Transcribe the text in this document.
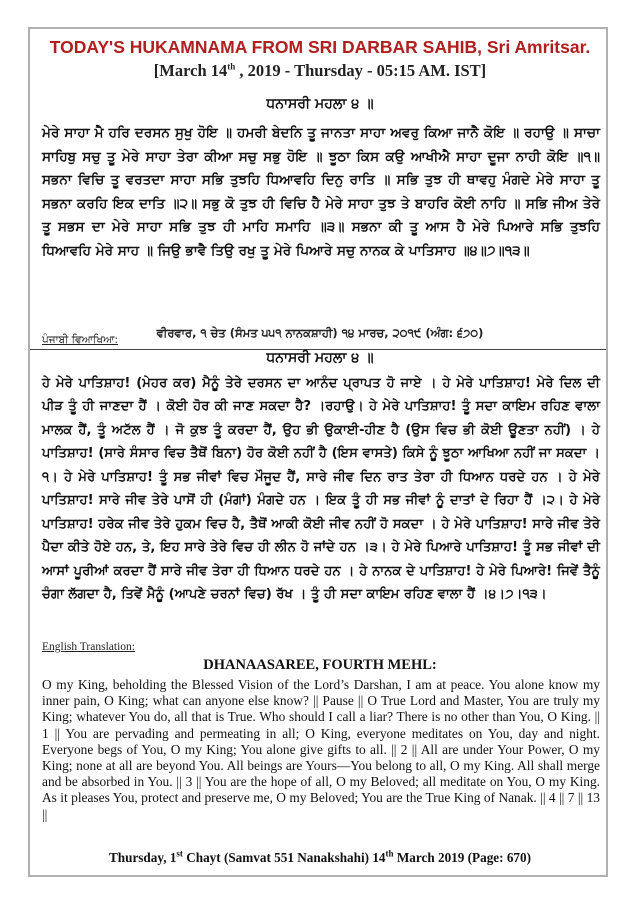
TODAY'S HUKAMNAMA FROM SRI DARBAR SAHIB, Sri Amritsar.
[March 14th , 2019 - Thursday - 05:15 AM. IST]
ਧਨਾਸਰੀ ਮਹਲਾ ੪ ॥
ਮੇਰੇ ਸਾਹਾ ਮੈ ਹਰਿ ਦਰਸਨ ਸੁਖੁ ਹੋਇ ॥ ਹਮਰੀ ਬੇਦਨਿ ਤੂ ਜਾਨਤਾ ਸਾਹਾ ਅਵਰੁ ਕਿਆ ਜਾਨੈ ਕੋਇ ॥ ਰਹਾਉ ॥ ਸਾਚਾ ਸਾਹਿਬੁ ਸਚੁ ਤੂ ਮੇਰੇ ਸਾਹਾ ਤੇਰਾ ਕੀਆ ਸਚੁ ਸਭੁ ਹੋਇ ॥ ਝੂਠਾ ਕਿਸ ਕਉ ਆਖੀਐ ਸਾਹਾ ਦੂਜਾ ਨਾਹੀ ਕੋਇ ॥੧॥ ਸਭਨਾ ਵਿਚਿ ਤੂ ਵਰਤਦਾ ਸਾਹਾ ਸਭਿ ਤੁਝਹਿ ਧਿਆਵਹਿ ਦਿਨੁ ਰਾਤਿ ॥ ਸਭਿ ਤੁਝ ਹੀ ਥਾਵਹੁ ਮੰਗਦੇ ਮੇਰੇ ਸਾਹਾ ਤੂ ਸਭਨਾ ਕਰਹਿ ਇਕ ਦਾਤਿ ॥੨॥ ਸਭੁ ਕੋ ਤੁਝ ਹੀ ਵਿਚਿ ਹੈ ਮੇਰੇ ਸਾਹਾ ਤੁਝ ਤੇ ਬਾਹਰਿ ਕੋਈ ਨਾਹਿ ॥ ਸਭਿ ਜੀਅ ਤੇਰੇ ਤੂ ਸਭਸ ਦਾ ਮੇਰੇ ਸਾਹਾ ਸਭਿ ਤੁਝ ਹੀ ਮਾਹਿ ਸਮਾਹਿ ॥੩॥ ਸਭਨਾ ਕੀ ਤੂ ਆਸ ਹੈ ਮੇਰੇ ਪਿਆਰੇ ਸਭਿ ਤੁਝਹਿ ਧਿਆਵਹਿ ਮੇਰੇ ਸਾਹ ॥ ਜਿਉ ਭਾਵੈ ਤਿਉ ਰਖੁ ਤੂ ਮੇਰੇ ਪਿਆਰੇ ਸਚੁ ਨਾਨਕ ਕੇ ਪਾਤਿਸਾਹ ॥੪॥੭॥੧੩॥
ਵੀਰਵਾਰ, ੧ ਚੇਤ (ਸੰਮਤ ੫੫੧ ਨਾਨਕਸ਼ਾਹੀ) ੧੪ ਮਾਰਚ, ੨੦੧੯ (ਅੰਗ: ੬੭੦)
ਪੰਜਾਬੀ ਵਿਆਖਿਆ:
ਧਨਾਸਰੀ ਮਹਲਾ ੪ ॥
ਹੇ ਮੇਰੇ ਪਾਤਿਸ਼ਾਹ! (ਮੇਹਰ ਕਰ) ਮੈਨੂੰ ਤੇਰੇ ਦਰਸਨ ਦਾ ਆਨੰਦ ਪ੍ਰਾਪਤ ਹੋ ਜਾਏ । ਹੇ ਮੇਰੇ ਪਾਤਿਸ਼ਾਹ! ਮੇਰੇ ਦਿਲ ਦੀ ਪੀੜ ਤੂੰ ਹੀ ਜਾਣਦਾ ਹੈਂ । ਕੋਈ ਹੋਰ ਕੀ ਜਾਣ ਸਕਦਾ ਹੈ? ।ਰਹਾਉ। ਹੇ ਮੇਰੇ ਪਾਤਿਸ਼ਾਹ! ਤੂੰ ਸਦਾ ਕਾਇਮ ਰਹਿਣ ਵਾਲਾ ਮਾਲਕ ਹੈਂ, ਤੂੰ ਅਟੱਲ ਹੈਂ । ਜੋ ਕੁਝ ਤੂੰ ਕਰਦਾ ਹੈਂ, ਉਹ ਭੀ ਉਕਾਈ-ਹੀਣ ਹੈ (ਉਸ ਵਿਚ ਭੀ ਕੋਈ ਊਣਤਾ ਨਹੀਂ) । ਹੇ ਪਾਤਿਸ਼ਾਹ! (ਸਾਰੇ ਸੰਸਾਰ ਵਿਚ ਤੈਥੋਂ ਬਿਨਾ) ਹੋਰ ਕੋਈ ਨਹੀਂ ਹੈ (ਇਸ ਵਾਸਤੇ) ਕਿਸੇ ਨੂੰ ਝੂਠਾ ਆਖਿਆ ਨਹੀਂ ਜਾ ਸਕਦਾ ।੧। ਹੇ ਮੇਰੇ ਪਾਤਿਸ਼ਾਹ! ਤੂੰ ਸਭ ਜੀਵਾਂ ਵਿਚ ਮੌਜੂਦ ਹੈਂ, ਸਾਰੇ ਜੀਵ ਦਿਨ ਰਾਤ ਤੇਰਾ ਹੀ ਧਿਆਨ ਧਰਦੇ ਹਨ । ਹੇ ਮੇਰੇ ਪਾਤਿਸ਼ਾਹ! ਸਾਰੇ ਜੀਵ ਤੇਰੇ ਪਾਸੋਂ ਹੀ (ਮੰਗਾਂ) ਮੰਗਦੇ ਹਨ । ਇਕ ਤੂੰ ਹੀ ਸਭ ਜੀਵਾਂ ਨੂੰ ਦਾਤਾਂ ਦੇ ਰਿਹਾ ਹੈਂ ।੨। ਹੇ ਮੇਰੇ ਪਾਤਿਸ਼ਾਹ! ਹਰੇਕ ਜੀਵ ਤੇਰੇ ਹੁਕਮ ਵਿਚ ਹੈ, ਤੈਥੋਂ ਆਕੀ ਕੋਈ ਜੀਵ ਨਹੀਂ ਹੋ ਸਕਦਾ । ਹੇ ਮੇਰੇ ਪਾਤਿਸ਼ਾਹ! ਸਾਰੇ ਜੀਵ ਤੇਰੇ ਪੈਦਾ ਕੀਤੇ ਹੋਏ ਹਨ, ਤੇ, ਇਹ ਸਾਰੇ ਤੇਰੇ ਵਿਚ ਹੀ ਲੀਨ ਹੋ ਜਾਂਦੇ ਹਨ ।੩। ਹੇ ਮੇਰੇ ਪਿਆਰੇ ਪਾਤਿਸ਼ਾਹ! ਤੂੰ ਸਭ ਜੀਵਾਂ ਦੀ ਆਸਾਂ ਪੂਰੀਆਂ ਕਰਦਾ ਹੈਂ ਸਾਰੇ ਜੀਵ ਤੇਰਾ ਹੀ ਧਿਆਨ ਧਰਦੇ ਹਨ । ਹੇ ਨਾਨਕ ਦੇ ਪਾਤਿਸ਼ਾਹ! ਹੇ ਮੇਰੇ ਪਿਆਰੇ! ਜਿਵੇਂ ਤੈਨੂੰ ਚੰਗਾ ਲੱਗਦਾ ਹੈ, ਤਿਵੇਂ ਮੈਨੂੰ (ਆਪਣੇ ਚਰਨਾਂ ਵਿਚ) ਰੱਖ । ਤੂੰ ਹੀ ਸਦਾ ਕਾਇਮ ਰਹਿਣ ਵਾਲਾ ਹੈਂ ।੪।੭।੧੩।
English Translation:
DHANAASAREE, FOURTH MEHL:
O my King, beholding the Blessed Vision of the Lord’s Darshan, I am at peace. You alone know my inner pain, O King; what can anyone else know? || Pause || O True Lord and Master, You are truly my King; whatever You do, all that is True. Who should I call a liar? There is no other than You, O King. || 1 || You are pervading and permeating in all; O King, everyone meditates on You, day and night. Everyone begs of You, O my King; You alone give gifts to all. || 2 || All are under Your Power, O my King; none at all are beyond You. All beings are Yours—You belong to all, O my King. All shall merge and be absorbed in You. || 3 || You are the hope of all, O my Beloved; all meditate on You, O my King. As it pleases You, protect and preserve me, O my Beloved; You are the True King of Nanak. || 4 || 7 || 13 ||
Thursday, 1st Chayt (Samvat 551 Nanakshahi) 14th March 2019 (Page: 670)
